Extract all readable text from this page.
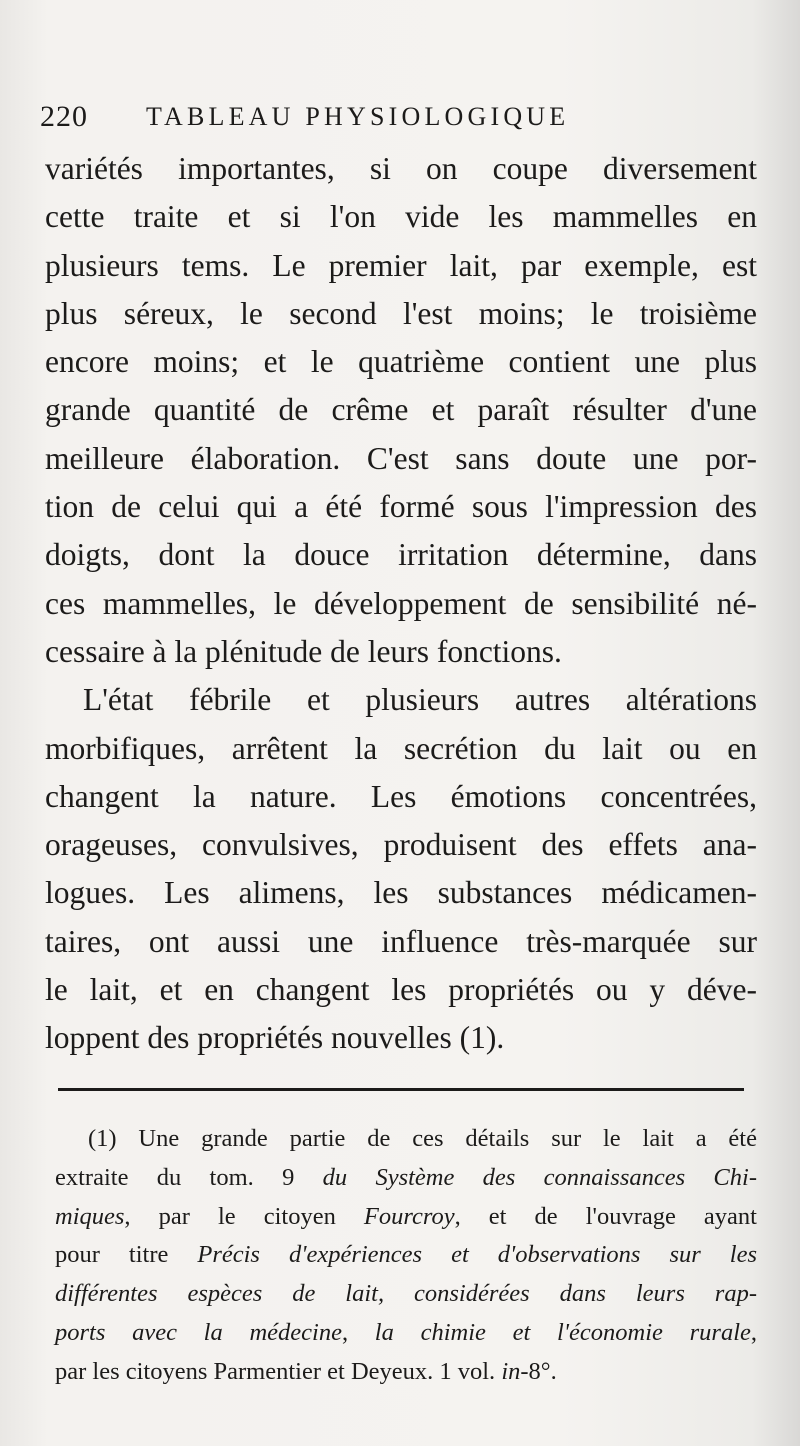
220 TABLEAU PHYSIOLOGIQUE
variétés importantes, si on coupe diversement
cette traite et si l'on vide les mammelles en
plusieurs tems. Le premier lait, par exemple, est
plus séreux, le second l'est moins; le troisième
encore moins; et le quatrième contient une plus
grande quantité de crême et paraît résulter d'une
meilleure élaboration. C'est sans doute une por-
tion de celui qui a été formé sous l'impression des
doigts, dont la douce irritation détermine, dans
ces mammelles, le développement de sensibilité né-
cessaire à la plénitude de leurs fonctions.
L'état fébrile et plusieurs autres altérations
morbifiques, arrêtent la secrétion du lait ou en
changent la nature. Les émotions concentrées,
orageuses, convulsives, produisent des effets ana-
logues. Les alimens, les substances médicamen-
taires, ont aussi une influence très-marquée sur
le lait, et en changent les propriétés ou y déve-
loppent des propriétés nouvelles (1).
(1) Une grande partie de ces détails sur le lait a été
extraite du tom. 9 du Système des connaissances Chi-
miques, par le citoyen Fourcroy, et de l'ouvrage ayant
pour titre Précis d'expériences et d'observations sur les
différentes espèces de lait, considérées dans leurs rap-
ports avec la médecine, la chimie et l'économie rurale,
par les citoyens Parmentier et Deyeux. 1 vol. in-8°.
